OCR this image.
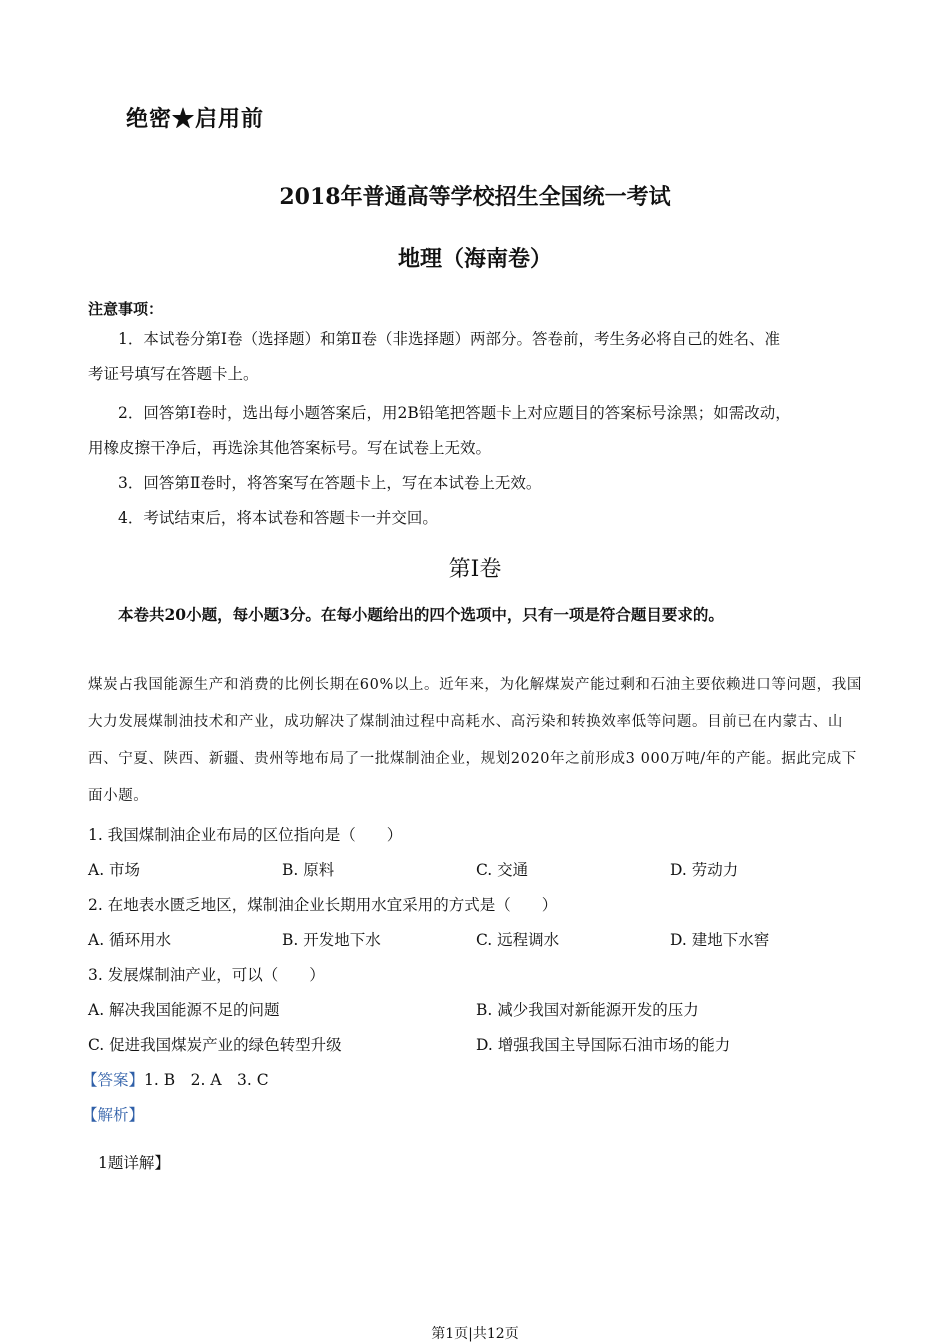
绝密★启用前
2018年普通高等学校招生全国统一考试
地理（海南卷）
注意事项：
1．本试卷分第Ⅰ卷（选择题）和第Ⅱ卷（非选择题）两部分。答卷前，考生务必将自己的姓名、准
考证号填写在答题卡上。
2．回答第Ⅰ卷时，选出每小题答案后，用2B铅笔把答题卡上对应题目的答案标号涂黑；如需改动，
用橡皮擦干净后，再选涂其他答案标号。写在试卷上无效。
3．回答第Ⅱ卷时，将答案写在答题卡上，写在本试卷上无效。
4．考试结束后，将本试卷和答题卡一并交回。
第Ⅰ卷
本卷共20小题，每小题3分。在每小题给出的四个选项中，只有一项是符合题目要求的。
煤炭占我国能源生产和消费的比例长期在60%以上。近年来，为化解煤炭产能过剩和石油主要依赖进口等问题，我国大力发展煤制油技术和产业，成功解决了煤制油过程中高耗水、高污染和转换效率低等问题。目前已在内蒙古、山西、宁夏、陕西、新疆、贵州等地布局了一批煤制油企业，规划2020年之前形成3 000万吨/年的产能。据此完成下面小题。
1. 我国煤制油企业布局的区位指向是（　　）
A. 市场	B. 原料	C. 交通	D. 劳动力
2. 在地表水匮乏地区，煤制油企业长期用水宜采用的方式是（　　）
A. 循环用水	B. 开发地下水	C. 远程调水	D. 建地下水窖
3. 发展煤制油产业，可以（　　）
A. 解决我国能源不足的问题	B. 减少我国对新能源开发的压力
C. 促进我国煤炭产业的绿色转型升级	D. 增强我国主导国际石油市场的能力
【答案】1. B　2. A　3. C
【解析】
1题详解】
第1页|共12页
